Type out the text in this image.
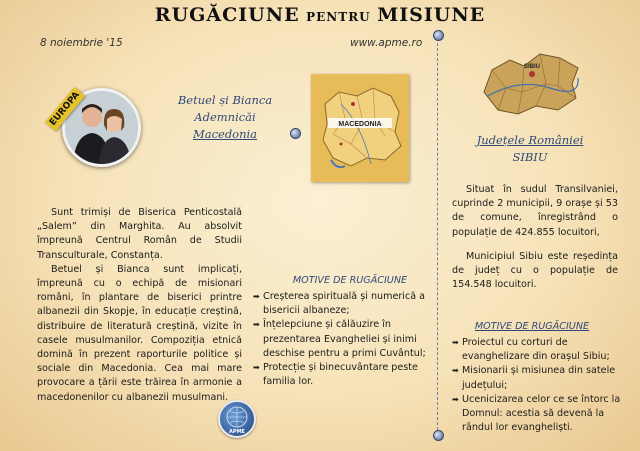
RUGĂCIUNE PENTRU MISIUNE
8 noiembrie '15	www.apme.ro
EUROPA	Betuel și Bianca
Ademnicăi
Macedonia
MACEDONIA
SIBIU
Județele României
SIBIU

Sunt trimiși de Biserica Penticostală „Salem” din Marghita. Au absolvit împreună Centrul Român de Studii Transculturale, Constanța.

Betuel și Bianca sunt implicați, împreună cu o echipă de misionari români, în plantare de biserici printre albanezii din Skopje, în educație creștină, distribuire de literatură creștină, vizite în casele musulmanilor. Compoziția etnică domină în prezent raporturile politice și sociale din Macedonia. Cea mai mare provocare a țării este trăirea în armonie a macedonenilor cu albanezii musulmani.

MOTIVE DE RUGĂCIUNE
➡ Creșterea spirituală și numerică a bisericii albaneze;
➡ Înțelepciune și călăuzire în prezentarea Evangheliei și inimi deschise pentru a primi Cuvântul;
➡ Protecție și binecuvântare peste familia lor.

Situat în sudul Transilvaniei, cuprinde 2 municipii, 9 orașe și 53 de comune, înregistrând o populație de 424.855 locuitori,

Municipiul Sibiu este reședința de județ cu o populație de 154.548 locuitori.

MOTIVE DE RUGĂCIUNE
➡ Proiectul cu corturi de evanghelizare din orașul Sibiu;
➡ Misionarii și misiunea din satele județului;
➡ Ucenicizarea celor ce se întorc la Domnul: acestia să devenă la rândul lor evangheliști.
APME
